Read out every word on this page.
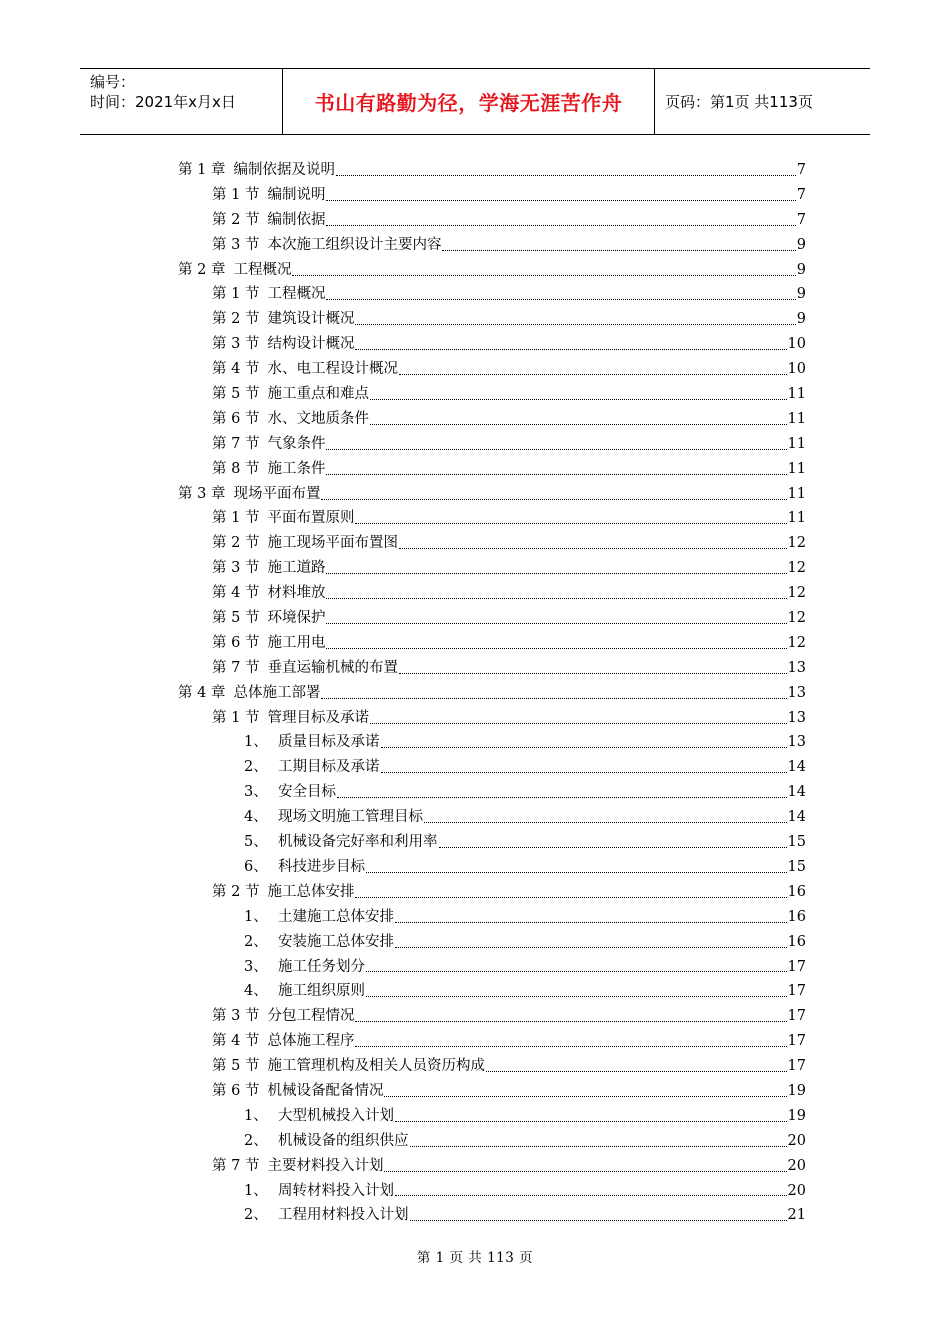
编号：
时间：2021年x月x日	书山有路勤为径，学海无涯苦作舟	页码：第1页 共113页
第 1 章 编制依据及说明	7
第 1 节 编制说明	7
第 2 节 编制依据	7
第 3 节 本次施工组织设计主要内容	9
第 2 章 工程概况	9
第 1 节 工程概况	9
第 2 节 建筑设计概况	9
第 3 节 结构设计概况	10
第 4 节 水、电工程设计概况	10
第 5 节 施工重点和难点	11
第 6 节 水、文地质条件	11
第 7 节 气象条件	11
第 8 节 施工条件	11
第 3 章 现场平面布置	11
第 1 节 平面布置原则	11
第 2 节 施工现场平面布置图	12
第 3 节 施工道路	12
第 4 节 材料堆放	12
第 5 节 环境保护	12
第 6 节 施工用电	12
第 7 节 垂直运输机械的布置	13
第 4 章 总体施工部署	13
第 1 节 管理目标及承诺	13
1、 质量目标及承诺	13
2、 工期目标及承诺	14
3、 安全目标	14
4、 现场文明施工管理目标	14
5、 机械设备完好率和利用率	15
6、 科技进步目标	15
第 2 节 施工总体安排	16
1、 土建施工总体安排	16
2、 安装施工总体安排	16
3、 施工任务划分	17
4、 施工组织原则	17
第 3 节 分包工程情况	17
第 4 节 总体施工程序	17
第 5 节 施工管理机构及相关人员资历构成	17
第 6 节 机械设备配备情况	19
1、 大型机械投入计划	19
2、 机械设备的组织供应	20
第 7 节 主要材料投入计划	20
1、 周转材料投入计划	20
2、 工程用材料投入计划	21
第 1 页 共 113 页
